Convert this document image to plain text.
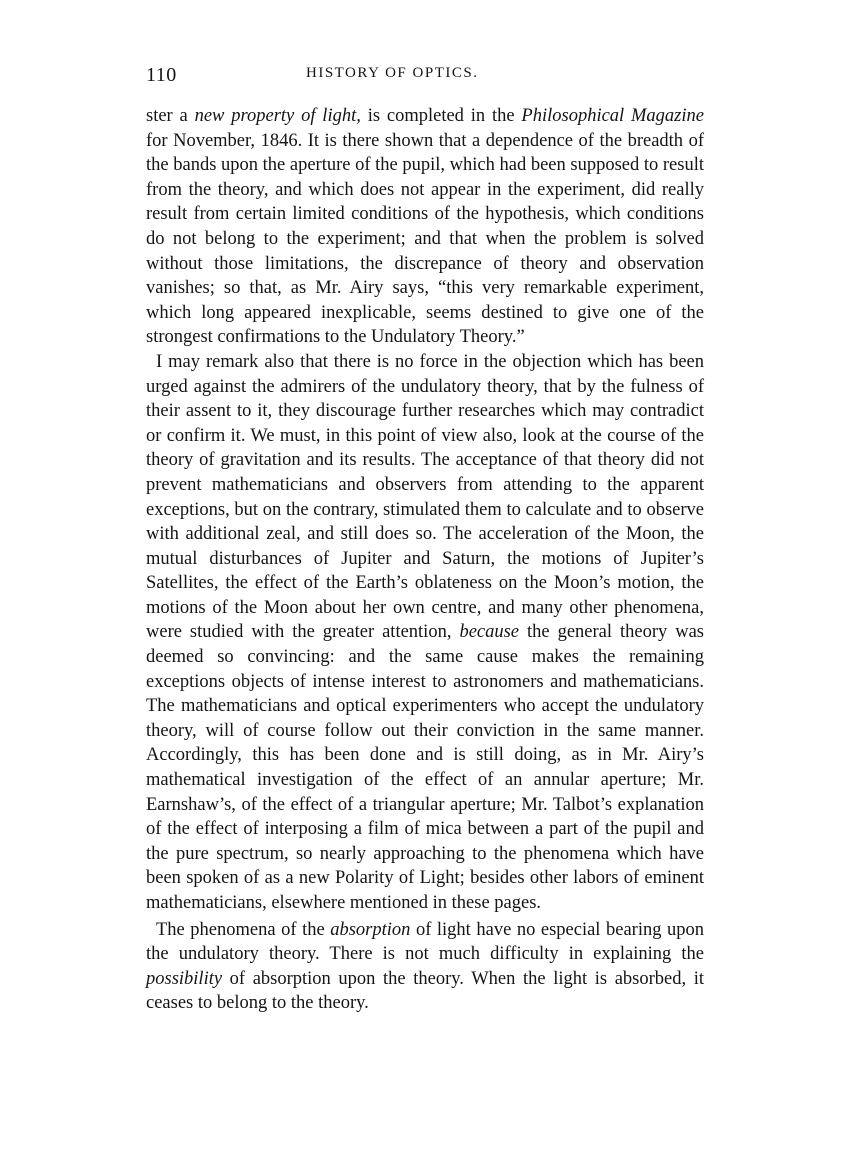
110	HISTORY OF OPTICS.

ster a new property of light, is completed in the Philosophical Magazine for November, 1846. It is there shown that a dependence of the breadth of the bands upon the aperture of the pupil, which had been supposed to result from the theory, and which does not appear in the experiment, did really result from certain limited conditions of the hypothesis, which conditions do not belong to the experiment; and that when the problem is solved without those limitations, the discrepance of theory and observation vanishes; so that, as Mr. Airy says, “this very remarkable experiment, which long appeared inexplicable, seems destined to give one of the strongest confirmations to the Undulatory Theory.”

I may remark also that there is no force in the objection which has been urged against the admirers of the undulatory theory, that by the fulness of their assent to it, they discourage further researches which may contradict or confirm it. We must, in this point of view also, look at the course of the theory of gravitation and its results. The acceptance of that theory did not prevent mathematicians and observers from attending to the apparent exceptions, but on the contrary, stimulated them to calculate and to observe with additional zeal, and still does so. The acceleration of the Moon, the mutual disturbances of Jupiter and Saturn, the motions of Jupiter’s Satellites, the effect of the Earth’s oblateness on the Moon’s motion, the motions of the Moon about her own centre, and many other phenomena, were studied with the greater attention, because the general theory was deemed so convincing: and the same cause makes the remaining exceptions objects of intense interest to astronomers and mathematicians. The mathematicians and optical experimenters who accept the undulatory theory, will of course follow out their conviction in the same manner. Accordingly, this has been done and is still doing, as in Mr. Airy’s mathematical investigation of the effect of an annular aperture; Mr. Earnshaw’s, of the effect of a triangular aperture; Mr. Talbot’s explanation of the effect of interposing a film of mica between a part of the pupil and the pure spectrum, so nearly approaching to the phenomena which have been spoken of as a new Polarity of Light; besides other labors of eminent mathematicians, elsewhere mentioned in these pages.

The phenomena of the absorption of light have no especial bearing upon the undulatory theory. There is not much difficulty in explaining the possibility of absorption upon the theory. When the light is absorbed, it ceases to belong to the theory.
